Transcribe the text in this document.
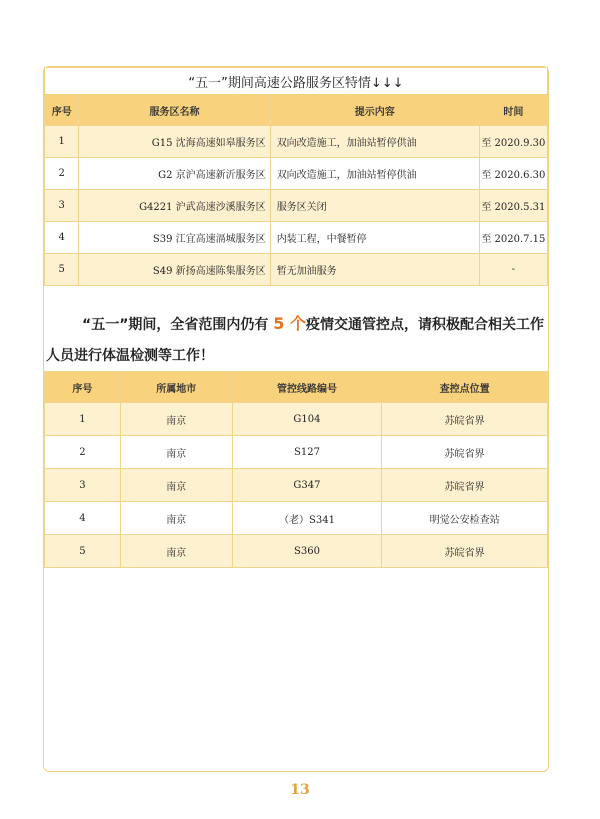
“五一”期间高速公路服务区特情↓↓↓			
序号	服务区名称	提示内容	时间
1	G15 沈海高速如皋服务区	双向改造施工，加油站暂停供油	至 2020.9.30
2	G2 京沪高速新沂服务区	双向改造施工，加油站暂停供油	至 2020.6.30
3	G4221 沪武高速沙溪服务区	服务区关闭	至 2020.5.31
4	S39 江宜高速滆城服务区	内装工程，中餐暂停	至 2020.7.15
5	S49 新扬高速陈集服务区	暂无加油服务	-
“五一”期间，全省范围内仍有 5 个疫情交通管控点，请积极配合相关工作人员进行体温检测等工作！
序号	所属地市	管控线路编号	查控点位置
1	南京	G104	苏皖省界
2	南京	S127	苏皖省界
3	南京	G347	苏皖省界
4	南京	（老）S341	明觉公安检查站
5	南京	S360	苏皖省界
13
